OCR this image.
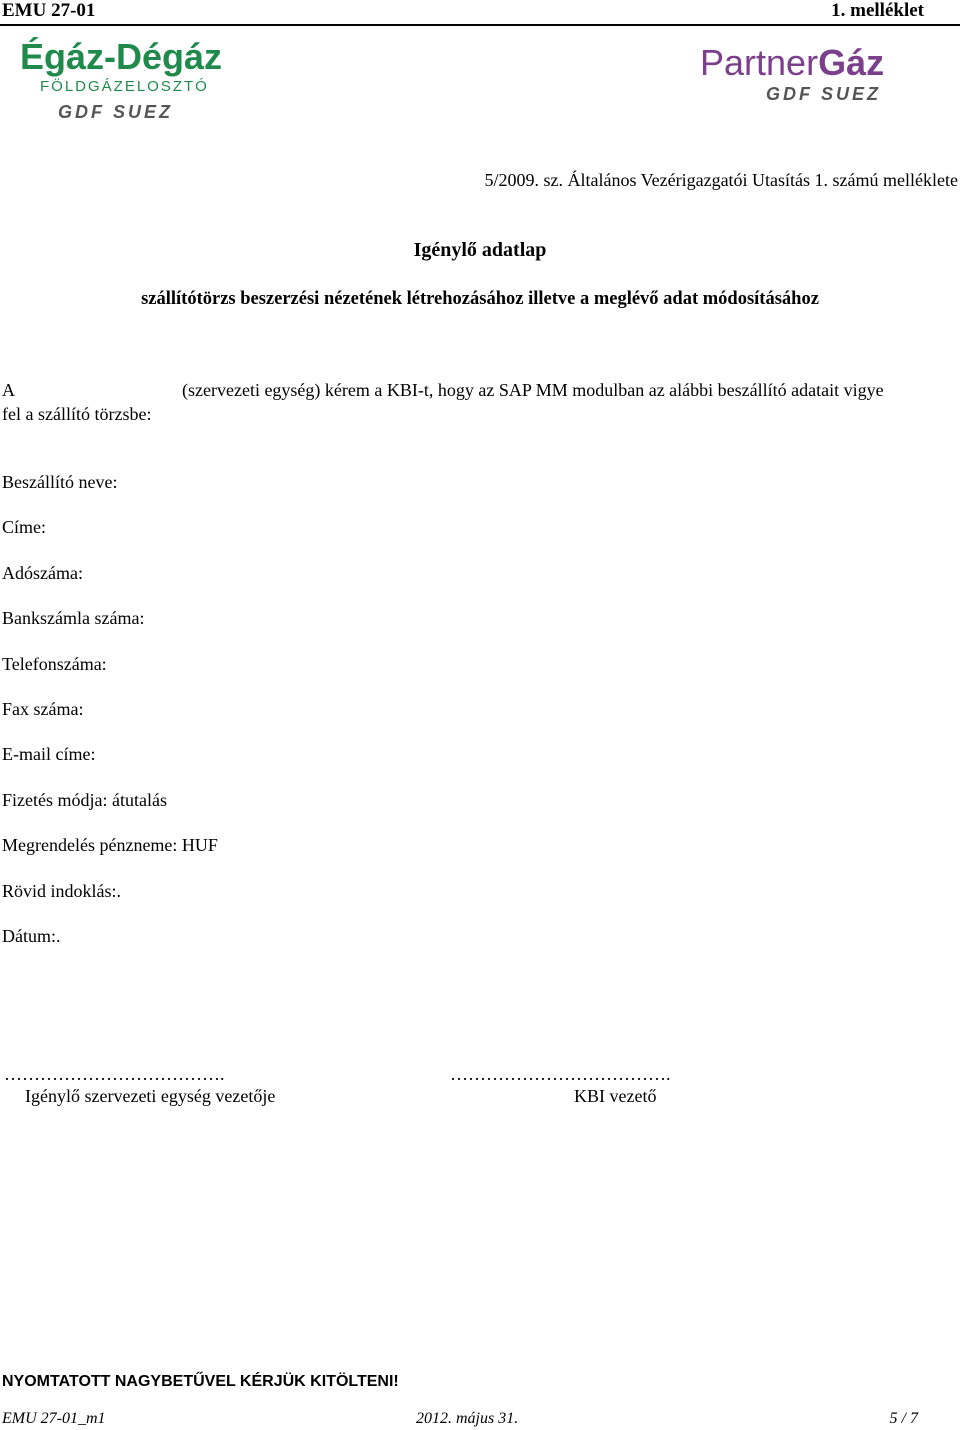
EMU 27-01	1. melléklet
Égáz-Dégáz
FÖLDGÁZELOSZTÓ
GDF SUEZ
PartnerGáz
GDF SUEZ
5/2009. sz. Általános Vezérigazgatói Utasítás 1. számú melléklete
Igénylő adatlap
szállítótörzs beszerzési nézetének létrehozásához illetve a meglévő adat módosításához
A	(szervezeti egység) kérem a KBI-t, hogy az SAP MM modulban az alábbi beszállító adatait vigye
fel a szállító törzsbe:
Beszállító neve:
Címe:
Adószáma:
Bankszámla száma:
Telefonszáma:
Fax száma:
E-mail címe:
Fizetés módja: átutalás
Megrendelés pénzneme: HUF
Rövid indoklás:.
Dátum:.
……………………………….	……………………………….
Igénylő szervezeti egység vezetője	KBI vezető
NYOMTATOTT NAGYBETŰVEL KÉRJÜK KITÖLTENI!
EMU 27-01_m1	2012. május 31.	5 / 7
